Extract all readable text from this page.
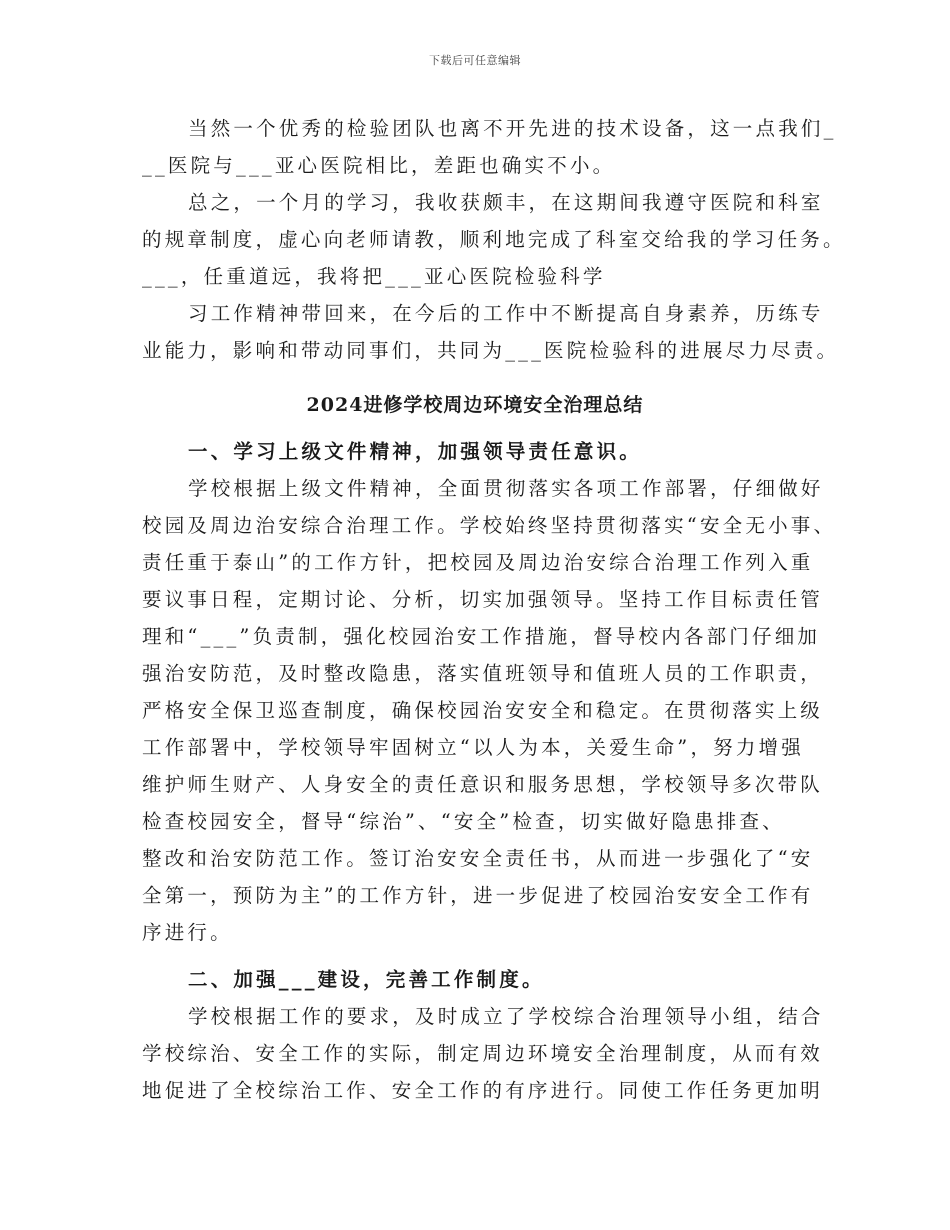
下载后可任意编辑
当然一个优秀的检验团队也离不开先进的技术设备，这一点我们_
__医院与___亚心医院相比，差距也确实不小。
总之，一个月的学习，我收获颇丰，在这期间我遵守医院和科室
的规章制度，虚心向老师请教，顺利地完成了科室交给我的学习任务。
___，任重道远，我将把___亚心医院检验科学
习工作精神带回来，在今后的工作中不断提高自身素养，历练专
业能力，影响和带动同事们，共同为___医院检验科的进展尽力尽责。
2024进修学校周边环境安全治理总结
一、学习上级文件精神，加强领导责任意识。
学校根据上级文件精神，全面贯彻落实各项工作部署，仔细做好
校园及周边治安综合治理工作。学校始终坚持贯彻落实“安全无小事、
责任重于泰山”的工作方针，把校园及周边治安综合治理工作列入重
要议事日程，定期讨论、分析，切实加强领导。坚持工作目标责任管
理和“___”负责制，强化校园治安工作措施，督导校内各部门仔细加
强治安防范，及时整改隐患，落实值班领导和值班人员的工作职责，
严格安全保卫巡查制度，确保校园治安安全和稳定。在贯彻落实上级
工作部署中，学校领导牢固树立“以人为本，关爱生命”，努力增强
维护师生财产、人身安全的责任意识和服务思想，学校领导多次带队
检查校园安全，督导“综治”、“安全”检查，切实做好隐患排查、
整改和治安防范工作。签订治安安全责任书，从而进一步强化了“安
全第一，预防为主”的工作方针，进一步促进了校园治安安全工作有
序进行。
二、加强___建设，完善工作制度。
学校根据工作的要求，及时成立了学校综合治理领导小组，结合
学校综治、安全工作的实际，制定周边环境安全治理制度，从而有效
地促进了全校综治工作、安全工作的有序进行。同使工作任务更加明
